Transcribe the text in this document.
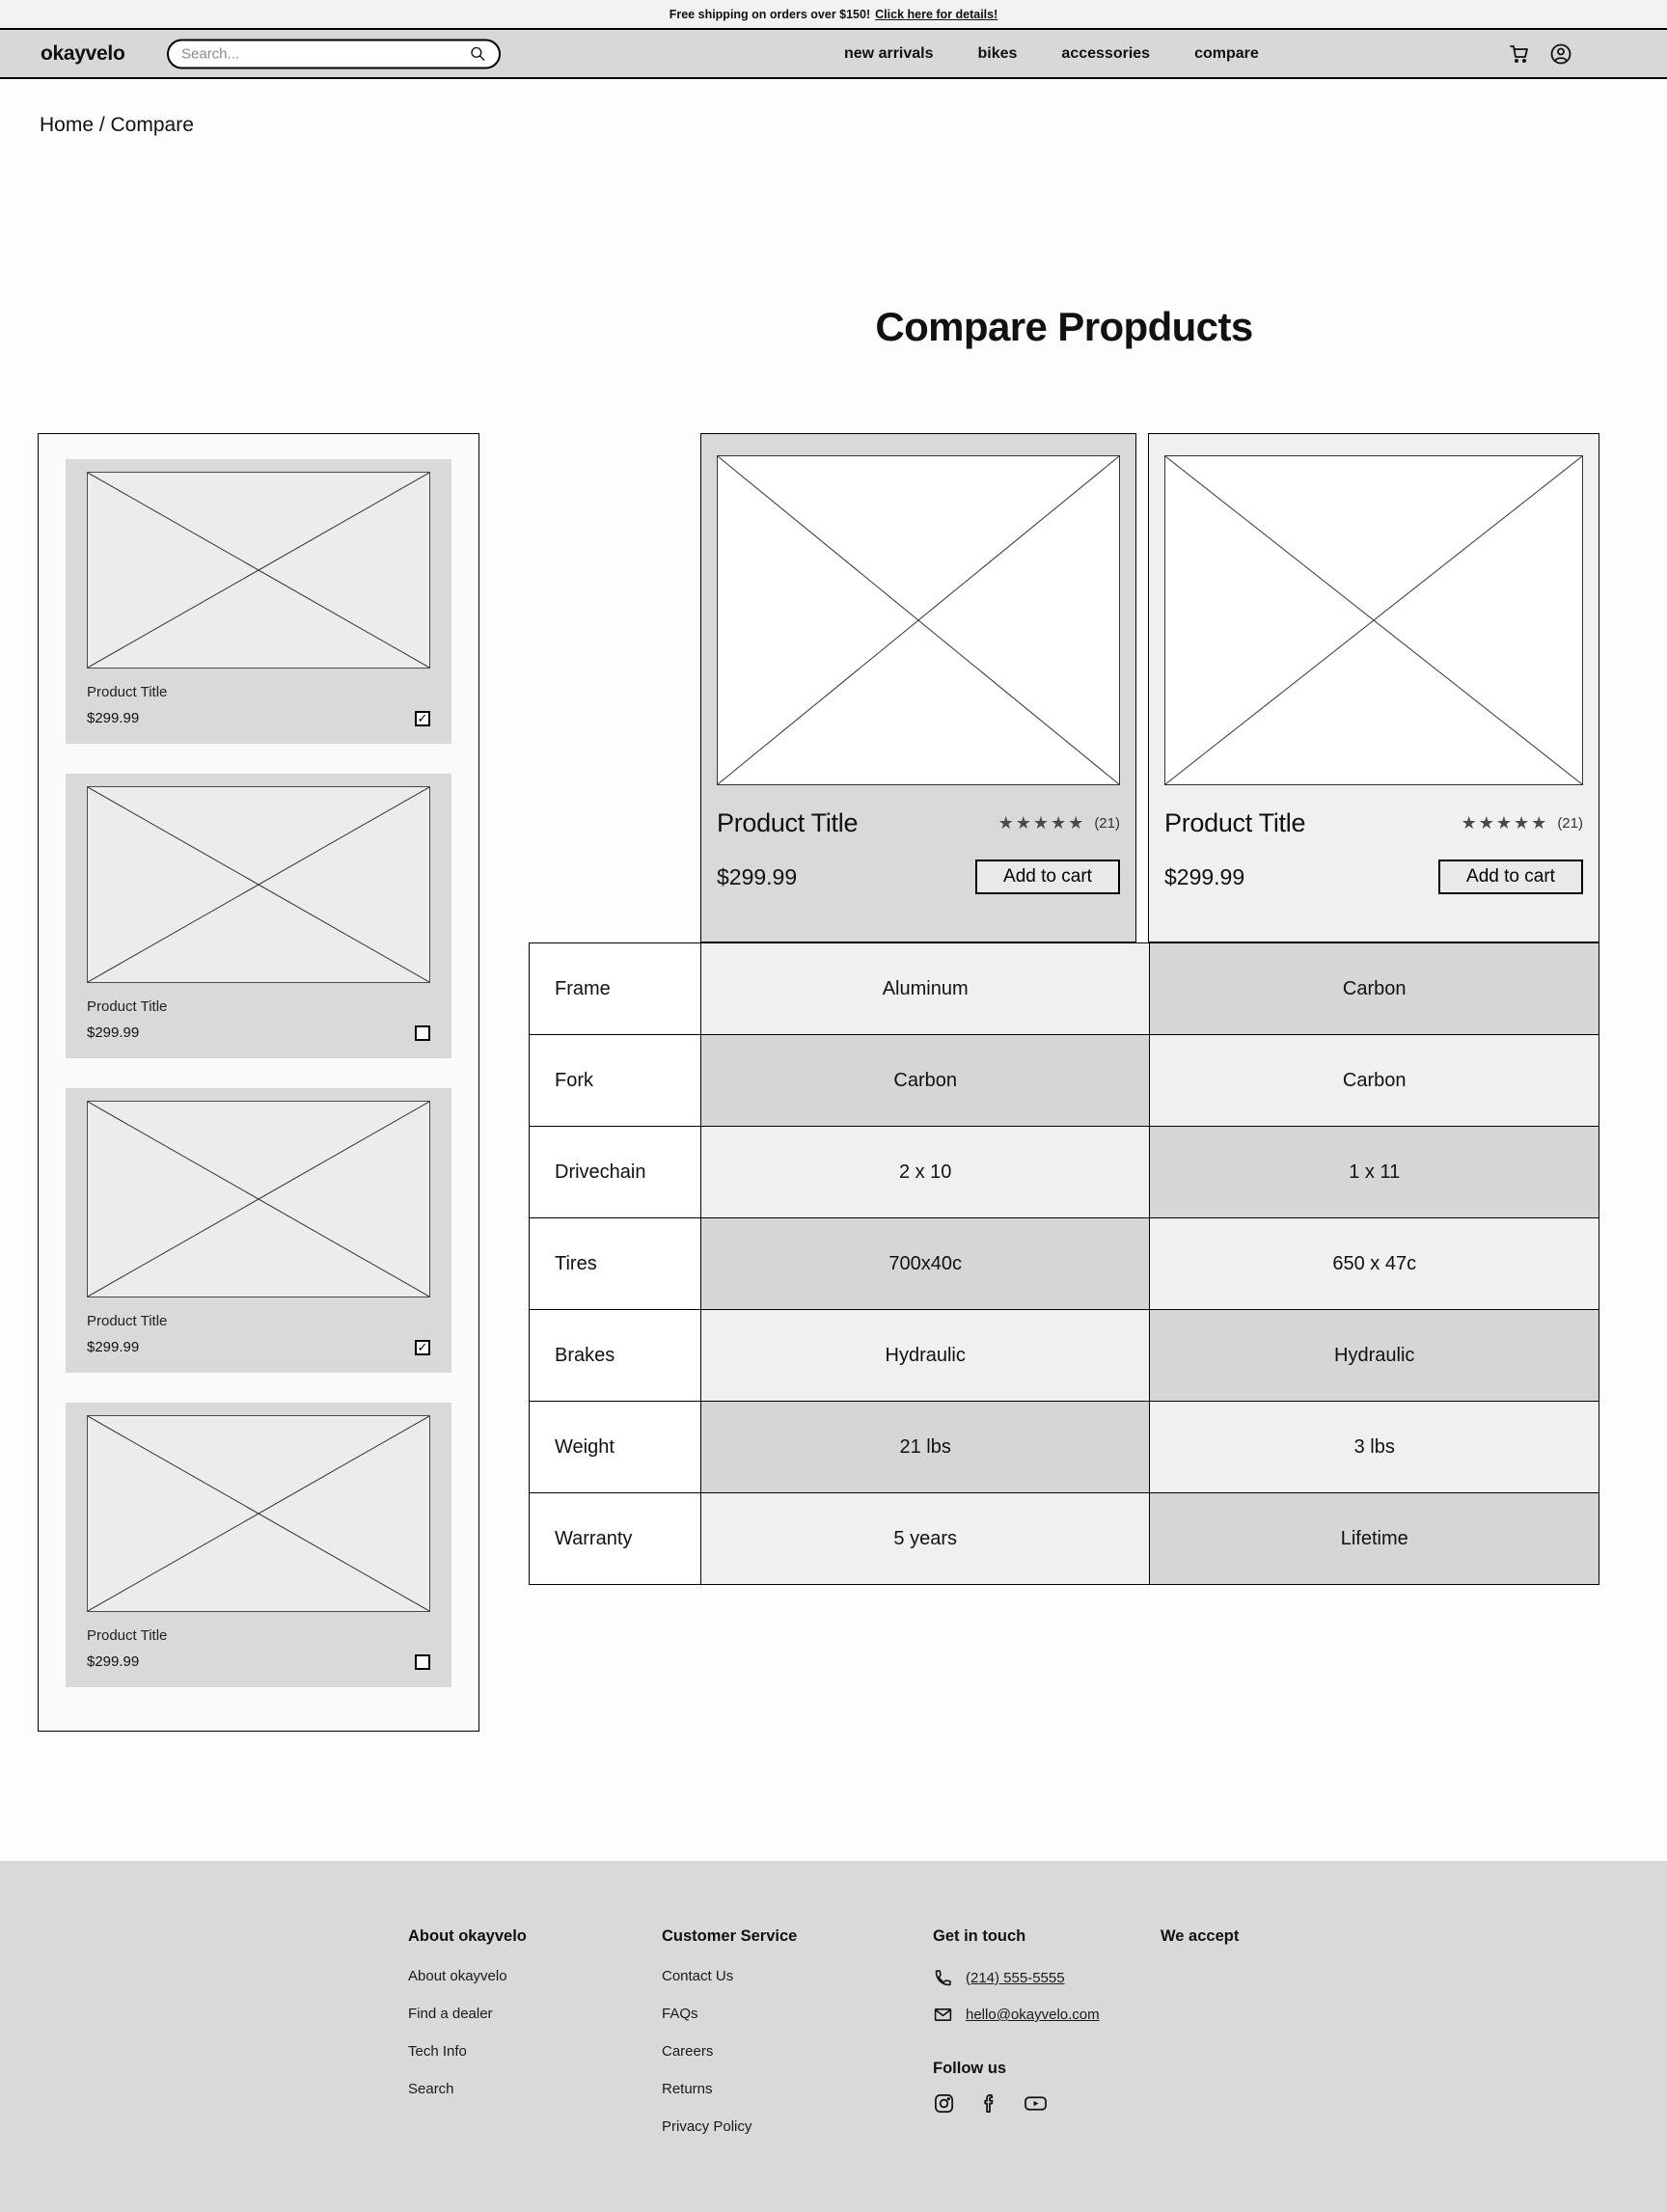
Free shipping on orders over $150! Click here for details!
okayvelo
Search...	new arrivals	bikes	accessories	compare
Home / Compare
Compare Propducts
Product Title
$299.99	✓
Product Title
$299.99
Product Title
$299.99	✓
Product Title
$299.99
Product Title	★★★★★ (21)
$299.99	Add to cart
Product Title	★★★★★ (21)
$299.99	Add to cart
Frame	Aluminum	Carbon
Fork	Carbon	Carbon
Drivechain	2 x 10	1 x 11
Tires	700x40c	650 x 47c
Brakes	Hydraulic	Hydraulic
Weight	21 lbs	3 lbs
Warranty	5 years	Lifetime
About okayvelo
About okayvelo
Find a dealer
Tech Info
Search
Customer Service
Contact Us
FAQs
Careers
Returns
Privacy Policy
Get in touch
(214) 555-5555
hello@okayvelo.com
Follow us
We accept
